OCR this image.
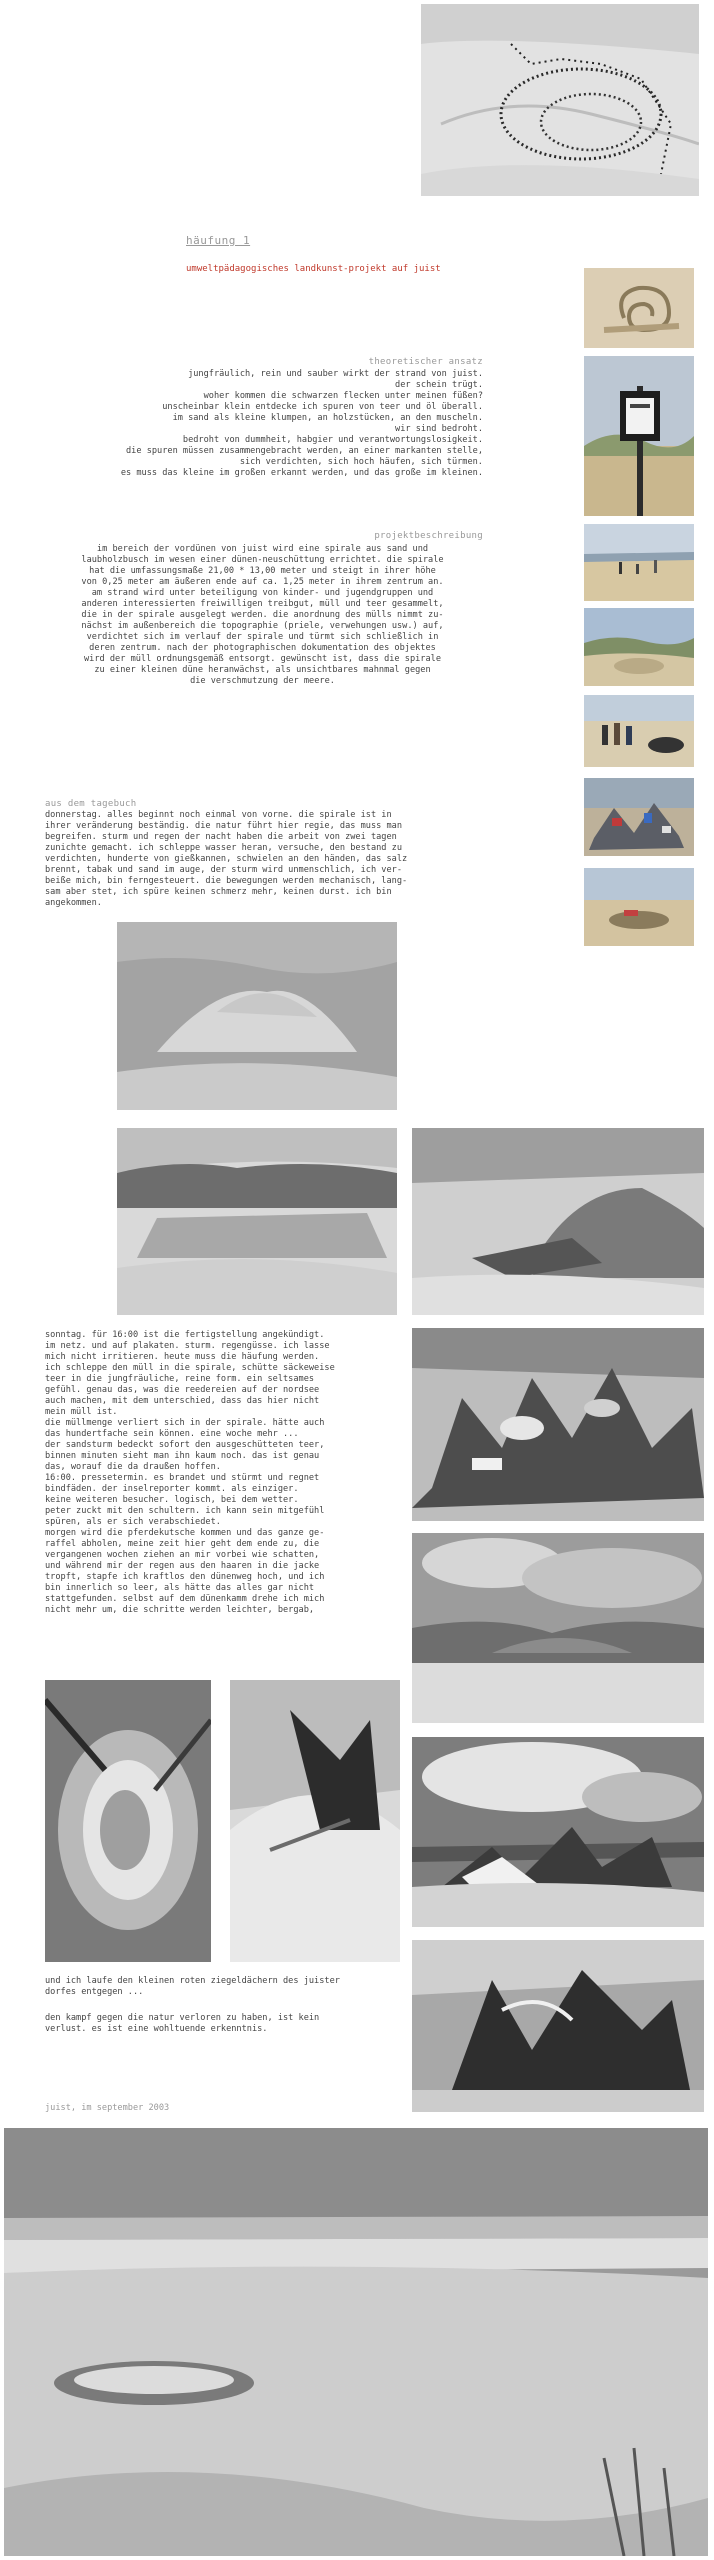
häufung 1
umweltpädagogisches landkunst-projekt auf juist
theoretischer ansatz
jungfräulich, rein und sauber wirkt der strand von juist.
der schein trügt.
woher kommen die schwarzen flecken unter meinen füßen?
unscheinbar klein entdecke ich spuren von teer und öl überall.
im sand als kleine klumpen, an holzstücken, an den muscheln.
wir sind bedroht.
bedroht von dummheit, habgier und verantwortungslosigkeit.
die spuren müssen zusammengebracht werden, an einer markanten stelle,
sich verdichten, sich hoch häufen, sich türmen.
es muss das kleine im großen erkannt werden, und das große im kleinen.
projektbeschreibung
im bereich der vordünen von juist wird eine spirale aus sand und
laubholzbusch im wesen einer dünen-neuschüttung errichtet. die spirale
hat die umfassungsmaße 21,00 * 13,00 meter und steigt in ihrer höhe
von 0,25 meter am äußeren ende auf ca. 1,25 meter in ihrem zentrum an.
am strand wird unter beteiligung von kinder- und jugendgruppen und
anderen interessierten freiwilligen treibgut, müll und teer gesammelt,
die in der spirale ausgelegt werden. die anordnung des mülls nimmt zu-
nächst im außenbereich die topographie (priele, verwehungen usw.) auf,
verdichtet sich im verlauf der spirale und türmt sich schließlich in
deren zentrum. nach der photographischen dokumentation des objektes
wird der müll ordnungsgemäß entsorgt. gewünscht ist, dass die spirale
zu einer kleinen düne heranwächst, als unsichtbares mahnmal gegen
die verschmutzung der meere.
aus dem tagebuch
donnerstag. alles beginnt noch einmal von vorne. die spirale ist in
ihrer veränderung beständig. die natur führt hier regie, das muss man
begreifen. sturm und regen der nacht haben die arbeit von zwei tagen
zunichte gemacht. ich schleppe wasser heran, versuche, den bestand zu
verdichten, hunderte von gießkannen, schwielen an den händen, das salz
brennt, tabak und sand im auge, der sturm wird unmenschlich, ich ver-
beiße mich, bin ferngesteuert. die bewegungen werden mechanisch, lang-
sam aber stet, ich spüre keinen schmerz mehr, keinen durst. ich bin
angekommen.
sonntag. für 16:00 ist die fertigstellung angekündigt.
im netz. und auf plakaten. sturm. regengüsse. ich lasse
mich nicht irritieren. heute muss die häufung werden.
ich schleppe den müll in die spirale, schütte säckeweise
teer in die jungfräuliche, reine form. ein seltsames
gefühl. genau das, was die reedereien auf der nordsee
auch machen, mit dem unterschied, dass das hier nicht
mein müll ist.
die müllmenge verliert sich in der spirale. hätte auch
das hundertfache sein können. eine woche mehr ...
der sandsturm bedeckt sofort den ausgeschütteten teer,
binnen minuten sieht man ihn kaum noch. das ist genau
das, worauf die da draußen hoffen.
16:00. pressetermin. es brandet und stürmt und regnet
bindfäden. der inselreporter kommt. als einziger.
keine weiteren besucher. logisch, bei dem wetter.
peter zuckt mit den schultern. ich kann sein mitgefühl
spüren, als er sich verabschiedet.
morgen wird die pferdekutsche kommen und das ganze ge-
raffel abholen, meine zeit hier geht dem ende zu, die
vergangenen wochen ziehen an mir vorbei wie schatten,
und während mir der regen aus den haaren in die jacke
tropft, stapfe ich kraftlos den dünenweg hoch, und ich
bin innerlich so leer, als hätte das alles gar nicht
stattgefunden. selbst auf dem dünenkamm drehe ich mich
nicht mehr um, die schritte werden leichter, bergab,
und ich laufe den kleinen roten ziegeldächern des juister
dorfes entgegen ...
den kampf gegen die natur verloren zu haben, ist kein
verlust. es ist eine wohltuende erkenntnis.
juist, im september 2003
